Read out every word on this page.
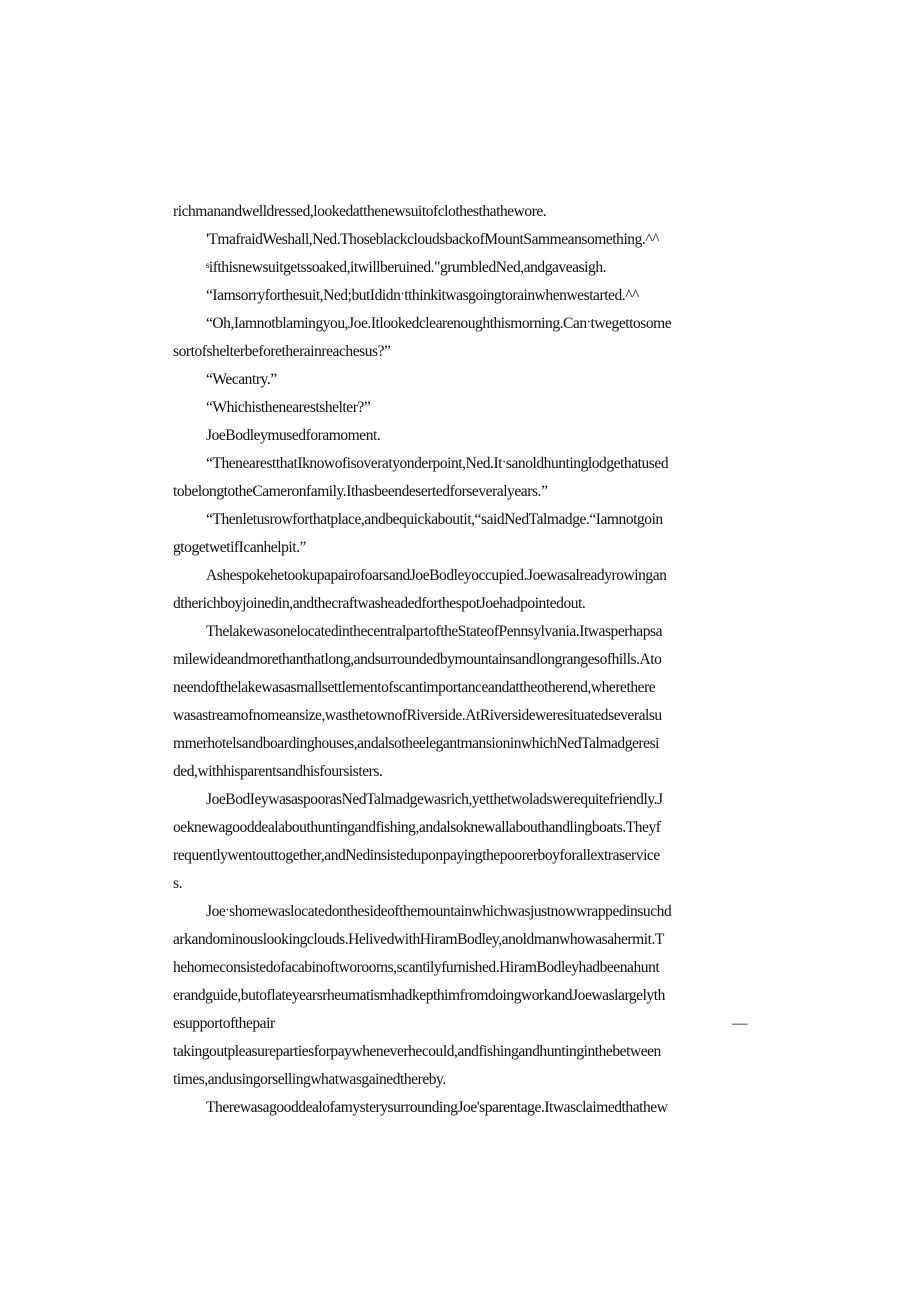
richmanandwelldressed,lookedatthenewsuitofclothesthathewore.
'TmafraidWeshall,Ned.ThoseblackcloudsbackofMountSammeansomething.^^
ˢifthisnewsuitgetssoaked,itwillberuined."grumbledNed,andgaveasigh.
“Iamsorryforthesuit,Ned;butIdidnˑtthinkitwasgoingtorainwhenwestarted.^^
“Oh,Iamnotblamingyou,Joe.Itlookedclearenoughthismorning.Canˑtwegettosome
sortofshelterbeforetherainreachesus?”
“Wecantry.”
“Whichisthenearestshelter?”
JoeBodleymusedforamoment.
“ThenearestthatIknowofisoveratyonderpoint,Ned.Itˑsanoldhuntinglodgethatused
tobelongtotheCameronfamily.Ithasbeendesertedforseveralyears.”
“Thenletusrowforthatplace,andbequickaboutit,“saidNedTalmadge.“Iamnotgoin
gtogetwetifIcanhelpit.”
AshespokehetookupapairofoarsandJoeBodleyoccupied.Joewasalreadyrowingan
dtherichboyjoinedin,andthecraftwasheadedforthespotJoehadpointedout.
ThelakewasonelocatedinthecentralpartoftheStateofPennsylvania.Itwasperhapsa
milewideandmorethanthatlong,andsurroundedbymountainsandlongrangesofhills.Ato
neendofthelakewasasmallsettlementofscantimportanceandattheotherend,wherethere
wasastreamofnomeansize,wasthetownofRiverside.AtRiversideweresituatedseveralsu
mmerhotelsandboardinghouses,andalsotheelegantmansioninwhichNedTalmadgeresi
ded,withhisparentsandhisfoursisters.
JoeBodIeywasaspoorasNedTalmadgewasrich,yetthetwoladswerequitefriendly.J
oeknewagooddealabouthuntingandfishing,andalsoknewallabouthandlingboats.Theyf
requentlywentouttogether,andNedinsisteduponpayingthepoorerboyforallextraservice
s.
Joeˑshomewaslocatedonthesideofthemountainwhichwasjustnowwrappedinsuchd
arkandominouslookingclouds.HelivedwithHiramBodley,anoldmanwhowasahermit.T
hehomeconsistedofacabinoftworooms,scantilyfurnished.HiramBodleyhadbeenahunt
erandguide,butoflateyearsrheumatismhadkepthimfromdoingworkandJoewaslargelyth
esupportofthepair	—
takingoutpleasurepartiesforpaywheneverhecould,andfishingandhuntinginthebetween
times,andusingorsellingwhatwasgainedthereby.
TherewasagooddealofamysterysurroundingJoe'sparentage.Itwasclaimedthathew
